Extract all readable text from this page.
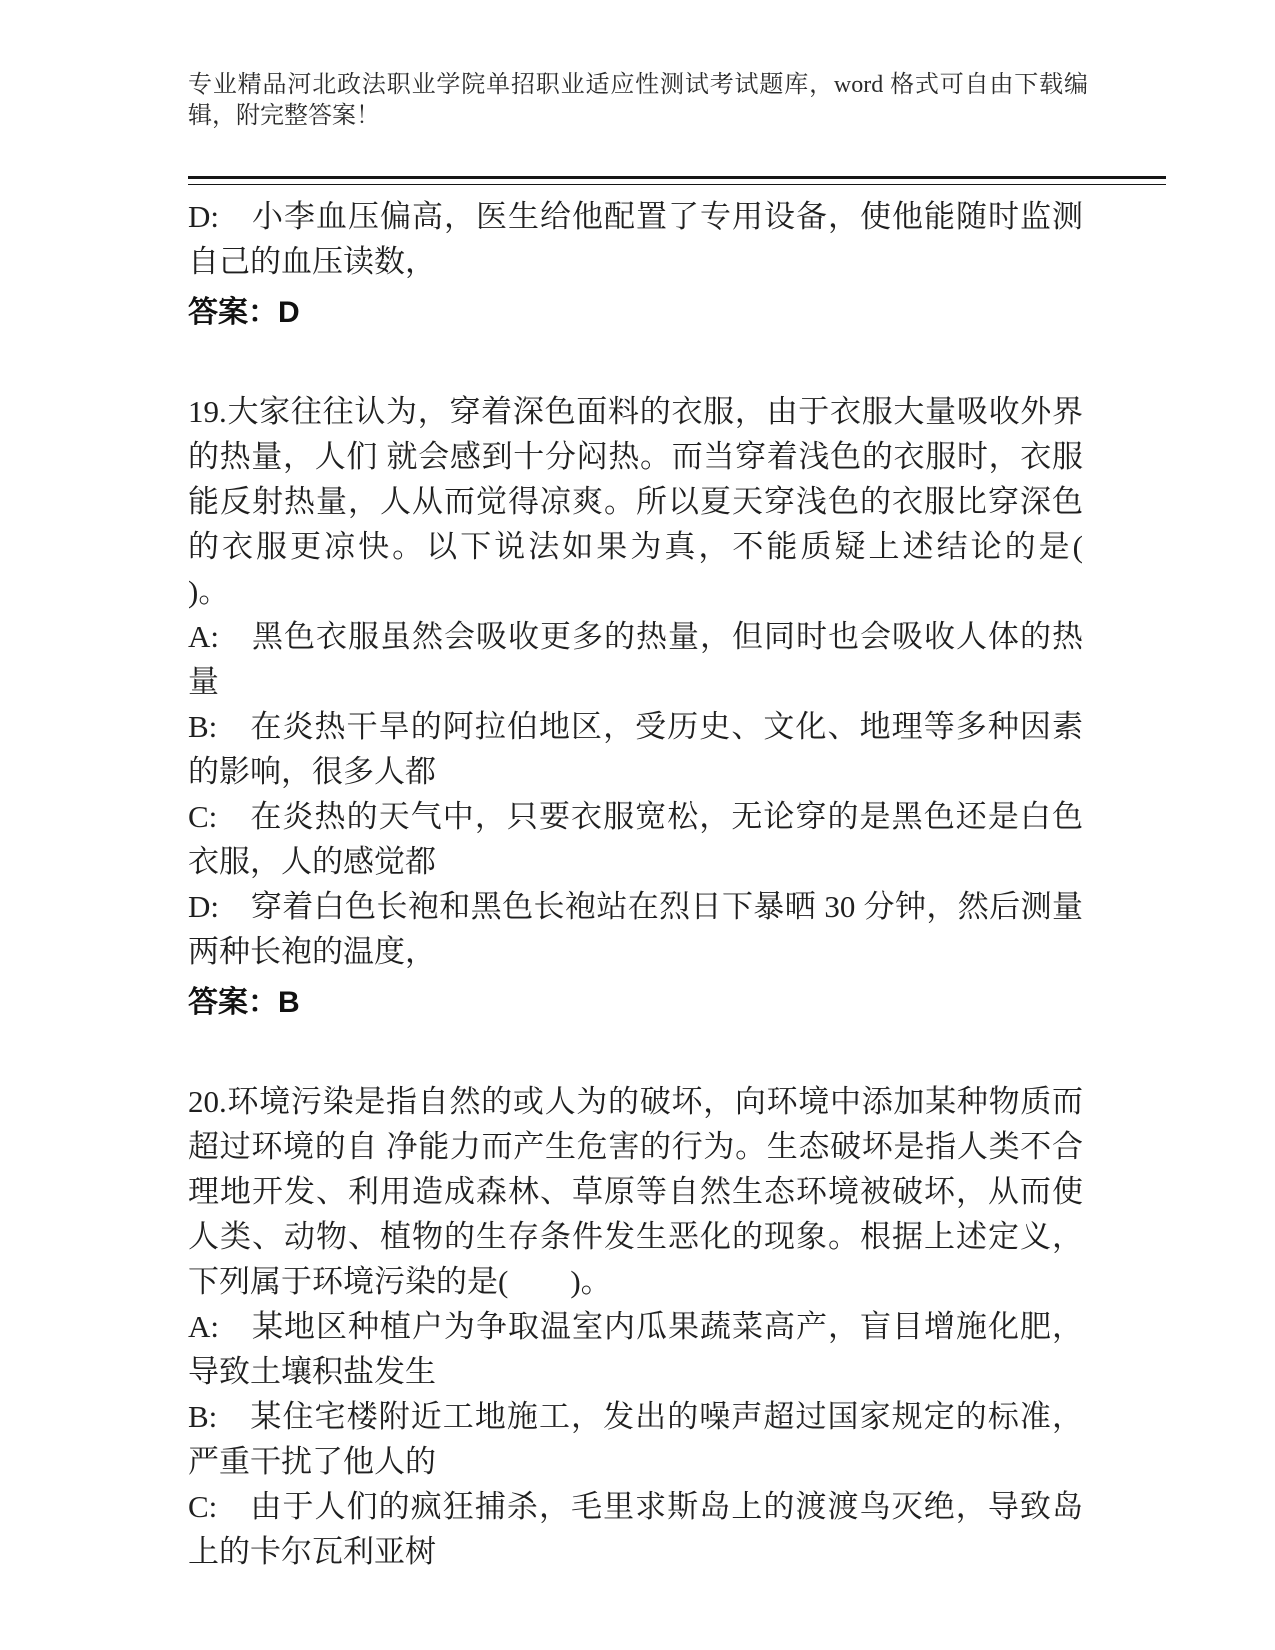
专业精品河北政法职业学院单招职业适应性测试考试题库，word 格式可自由下载编辑，附完整答案！

D:　小李血压偏高，医生给他配置了专用设备，使他能随时监测自己的血压读数，

答案：D

19.大家往往认为，穿着深色面料的衣服，由于衣服大量吸收外界的热量，人们 就会感到十分闷热。而当穿着浅色的衣服时，衣服能反射热量，人从而觉得凉爽。所以夏天穿浅色的衣服比穿深色的衣服更凉快。以下说法如果为真，不能质疑上述结论的是(　　)。

A:　黑色衣服虽然会吸收更多的热量，但同时也会吸收人体的热量

B:　在炎热干旱的阿拉伯地区，受历史、文化、地理等多种因素的影响，很多人都

C:　在炎热的天气中，只要衣服宽松，无论穿的是黑色还是白色衣服，人的感觉都

D:　穿着白色长袍和黑色长袍站在烈日下暴晒 30 分钟，然后测量两种长袍的温度，

答案：B

20.环境污染是指自然的或人为的破坏，向环境中添加某种物质而超过环境的自 净能力而产生危害的行为。生态破坏是指人类不合理地开发、利用造成森林、草原等自然生态环境被破坏，从而使人类、动物、植物的生存条件发生恶化的现象。根据上述定义，下列属于环境污染的是(　　)。

A:　某地区种植户为争取温室内瓜果蔬菜高产，盲目增施化肥，导致土壤积盐发生

B:　某住宅楼附近工地施工，发出的噪声超过国家规定的标准，严重干扰了他人的

C:　由于人们的疯狂捕杀，毛里求斯岛上的渡渡鸟灭绝，导致岛上的卡尔瓦利亚树
